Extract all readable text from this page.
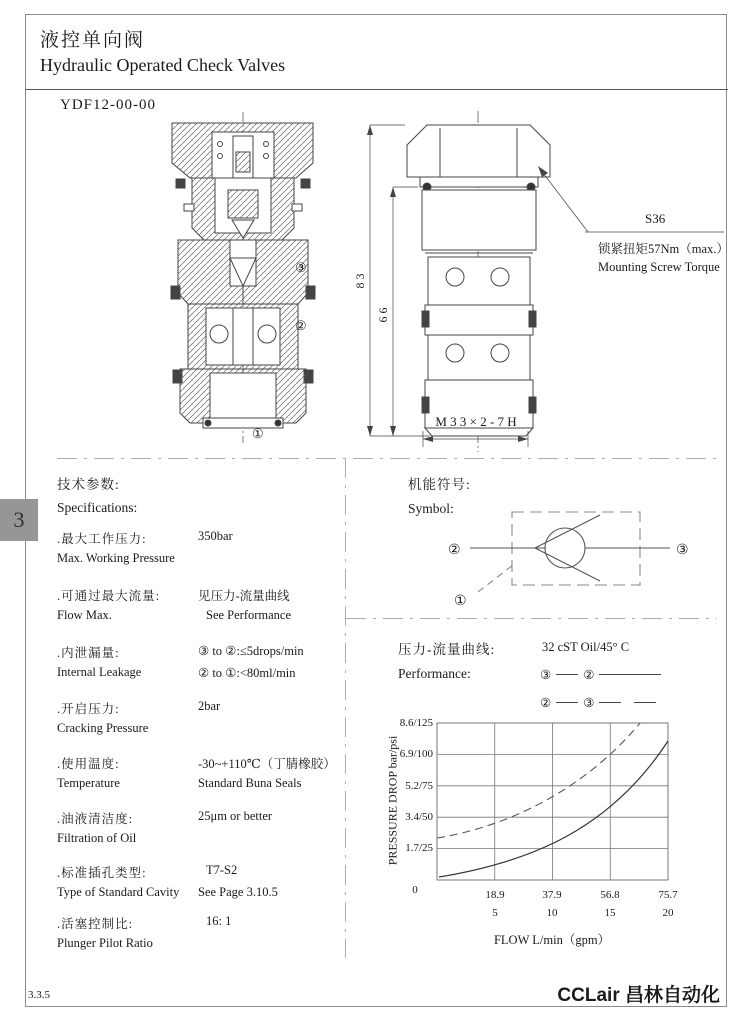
液控单向阀
Hydraulic Operated Check Valves
YDF12-00-00
③
②
①
8 3
6 6
M 3 3 × 2 - 7 H
S36
锁紧扭矩57Nm（max.）
Mounting Screw Torque
3
技术参数:
Specifications:
.最大工作压力:
Max. Working Pressure
350bar
.可通过最大流量:
Flow Max.
见压力-流量曲线
See Performance
.内泄漏量:
Internal Leakage
③ to ②:≤5drops/min
② to ①:<80ml/min
.开启压力:
Cracking Pressure
2bar
.使用温度:
Temperature
-30~+110℃（丁腈橡胶）
Standard Buna Seals
.油液清洁度:
Filtration of Oil
25μm or better
.标准插孔类型:
Type of Standard Cavity
T7-S2
See Page 3.10.5
.活塞控制比:
Plunger Pilot Ratio
16: 1
机能符号:
Symbol:
②	③
①
压力-流量曲线:
Performance:
32 cST Oil/45° C
③	②
②	③
8.6/125
6.9/100
5.2/75
3.4/50
1.7/25
0	18.9	37.9	56.8	75.7
5	10	15	20
FLOW L/min（gpm）
PRESSURE DROP bar/psi
3.3.5	CCLair 昌林自动化
